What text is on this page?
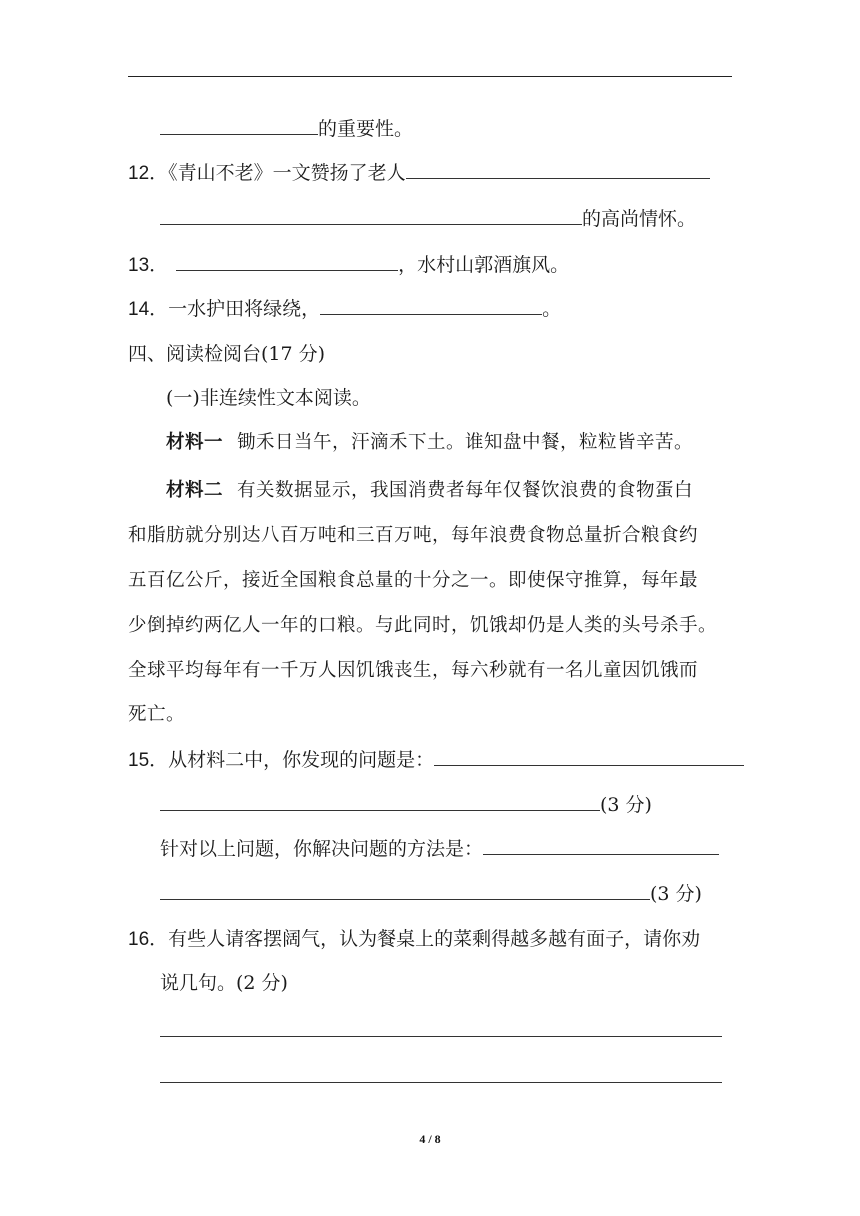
的重要性。
12．《青山不老》一文赞扬了老人
的高尚情怀。
13．	，水村山郭酒旗风。
14．一水护田将绿绕，	。
四、阅读检阅台(17 分)
(一)非连续性文本阅读。
材料一 锄禾日当午，汗滴禾下土。谁知盘中餐，粒粒皆辛苦。
材料二 有关数据显示，我国消费者每年仅餐饮浪费的食物蛋白
和脂肪就分别达八百万吨和三百万吨，每年浪费食物总量折合粮食约
五百亿公斤，接近全国粮食总量的十分之一。即使保守推算，每年最
少倒掉约两亿人一年的口粮。与此同时，饥饿却仍是人类的头号杀手。
全球平均每年有一千万人因饥饿丧生，每六秒就有一名儿童因饥饿而
死亡。
15．从材料二中，你发现的问题是：
(3 分)
针对以上问题，你解决问题的方法是：
(3 分)
16．有些人请客摆阔气，认为餐桌上的菜剩得越多越有面子，请你劝
说几句。(2 分)
4 / 8
